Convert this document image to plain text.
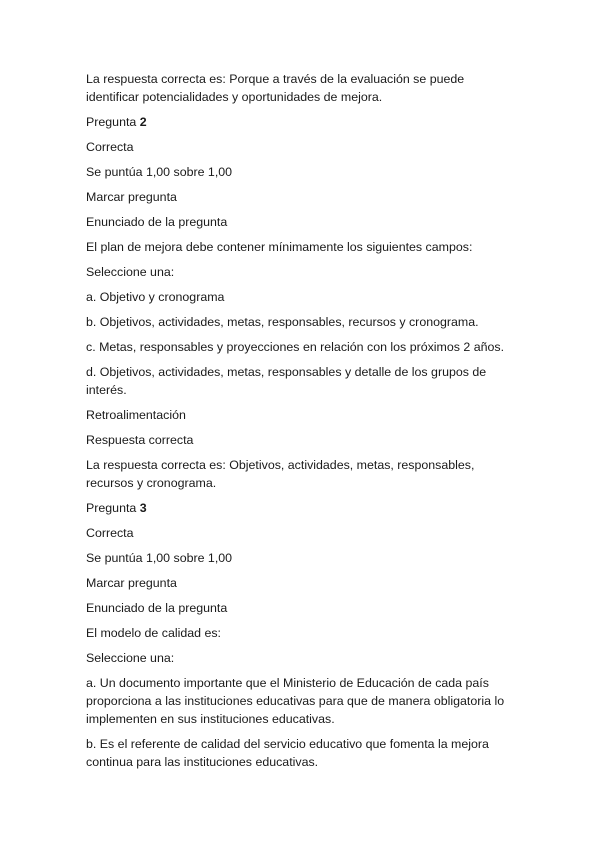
La respuesta correcta es: Porque a través de la evaluación se puede identificar potencialidades y oportunidades de mejora.

Pregunta 2

Correcta

Se puntúa 1,00 sobre 1,00

Marcar pregunta

Enunciado de la pregunta

El plan de mejora debe contener mínimamente los siguientes campos:

Seleccione una:

a. Objetivo y cronograma

b. Objetivos, actividades, metas, responsables, recursos y cronograma.

c. Metas, responsables y proyecciones en relación con los próximos 2 años.

d. Objetivos, actividades, metas, responsables y detalle de los grupos de interés.

Retroalimentación

Respuesta correcta

La respuesta correcta es: Objetivos, actividades, metas, responsables, recursos y cronograma.

Pregunta 3

Correcta

Se puntúa 1,00 sobre 1,00

Marcar pregunta

Enunciado de la pregunta

El modelo de calidad es:

Seleccione una:

a. Un documento importante que el Ministerio de Educación de cada país proporciona a las instituciones educativas para que de manera obligatoria lo implementen en sus instituciones educativas.

b. Es el referente de calidad del servicio educativo que fomenta la mejora continua para las instituciones educativas.
